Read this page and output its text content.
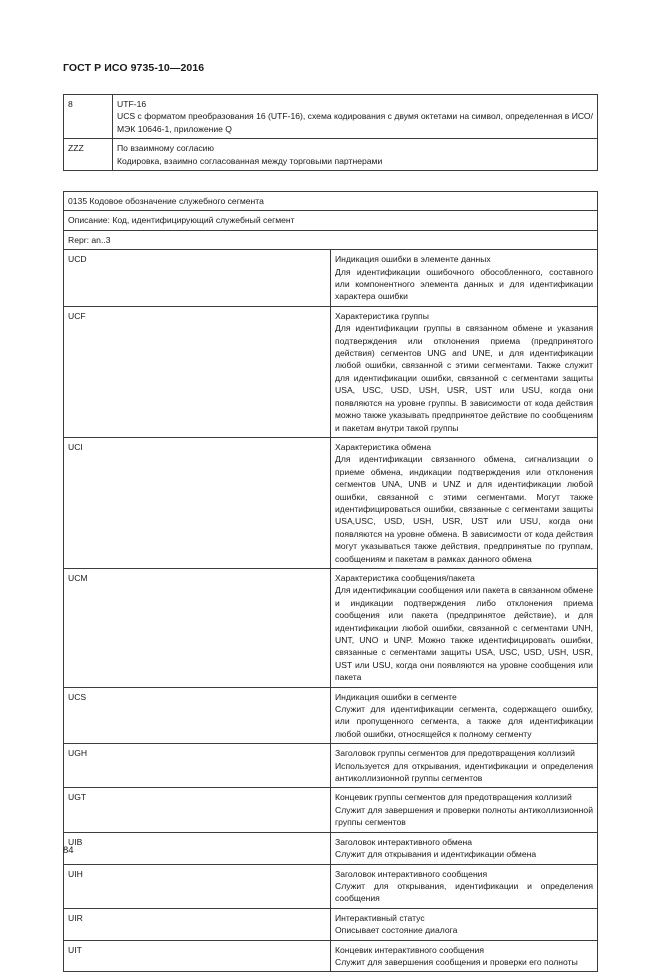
ГОСТ Р ИСО 9735-10—2016
8	UTF-16
UCS с форматом преобразования 16 (UTF-16), схема кодирования с двумя октетами на символ, определенная в ИСО/МЭК 10646-1, приложение Q

ZZZ	По взаимному согласию
Кодировка, взаимно согласованная между торговыми партнерами
0135 Кодовое обозначение служебного сегмента	
Описание: Код, идентифицирующий служебный сегмент	
Repr: an..3	
UCD	Индикация ошибки в элементе данных
Для идентификации ошибочного обособленного, составного или компонентного элемента данных и для идентификации характера ошибки

UCF	Характеристика группы
Для идентификации группы в связанном обмене и указания подтверждения или отклонения приема (предпринятого действия) сегментов UNG and UNE, и для идентификации любой ошибки, связанной с этими сегментами. Также служит для идентификации ошибки, связанной с сегментами защиты USA, USC, USD, USH, USR, UST или USU, когда они появляются на уровне группы. В зависимости от кода действия можно также указывать предпринятое действие по сообщениям и пакетам внутри такой группы

UCI	Характеристика обмена
Для идентификации связанного обмена, сигнализации о приеме обмена, индикации подтверждения или отклонения сегментов UNA, UNB и UNZ и для идентификации любой ошибки, связанной с этими сегментами. Могут также идентифицироваться ошибки, связанные с сегментами защиты USA,USC, USD, USH, USR, UST или USU, когда они появляются на уровне обмена. В зависимости от кода действия могут указываться также действия, предпринятые по группам, сообщениям и пакетам в рамках данного обмена

UCM	Характеристика сообщения/пакета
Для идентификации сообщения или пакета в связанном обмене и индикации подтверждения либо отклонения приема сообщения или пакета (предпринятое действие), и для идентификации любой ошибки, связанной с сегментами UNH, UNT, UNO и UNP. Можно также идентифицировать ошибки, связанные с сегментами защиты USA, USC, USD, USH, USR, UST или USU, когда они появляются на уровне сообщения или пакета

UCS	Индикация ошибки в сегменте
Служит для идентификации сегмента, содержащего ошибку, или пропущенного сегмента, а также для идентификации любой ошибки, относящейся к полному сегменту

UGH	Заголовок группы сегментов для предотвращения коллизий
Используется для открывания, идентификации и определения антиколлизионной группы сегментов

UGT	Концевик группы сегментов для предотвращения коллизий
Служит для завершения и проверки полноты антиколлизионной группы сегментов

UIB	Заголовок интерактивного обмена
Служит для открывания и идентификации обмена

UIH	Заголовок интерактивного сообщения
Служит для открывания, идентификации и определения сообщения

UIR	Интерактивный статус
Описывает состояние диалога

UIT	Концевик интерактивного сообщения
Служит для завершения сообщения и проверки его полноты
84
